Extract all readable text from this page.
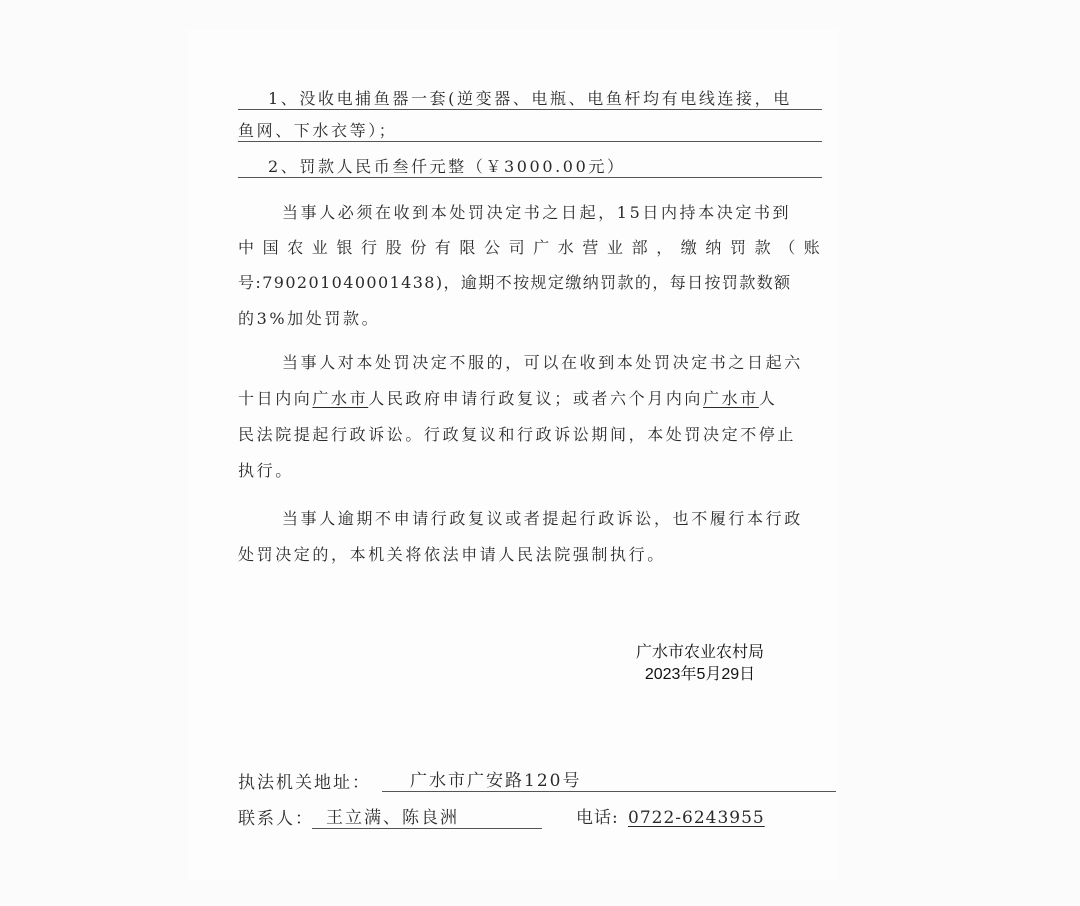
1、没收电捕鱼器一套(逆变器、电瓶、电鱼杆均有电线连接，电
鱼网、下水衣等）；
2、罚款人民币叁仟元整（￥3000.00元）
当事人必须在收到本处罚决定书之日起，15日内持本决定书到
中国农业银行股份有限公司广水营业部，缴纳罚款（账
号:790201040001438)，逾期不按规定缴纳罚款的，每日按罚款数额
的3%加处罚款。
当事人对本处罚决定不服的，可以在收到本处罚决定书之日起六
十日内向广水市人民政府申请行政复议；或者六个月内向广水市人
民法院提起行政诉讼。行政复议和行政诉讼期间，本处罚决定不停止
执行。
当事人逾期不申请行政复议或者提起行政诉讼，也不履行本行政
处罚决定的，本机关将依法申请人民法院强制执行。
广水市农业农村局
2023年5月29日
执法机关地址： 广水市广安路120号
联系人： 王立满、陈良洲	电话: 0722-6243955
